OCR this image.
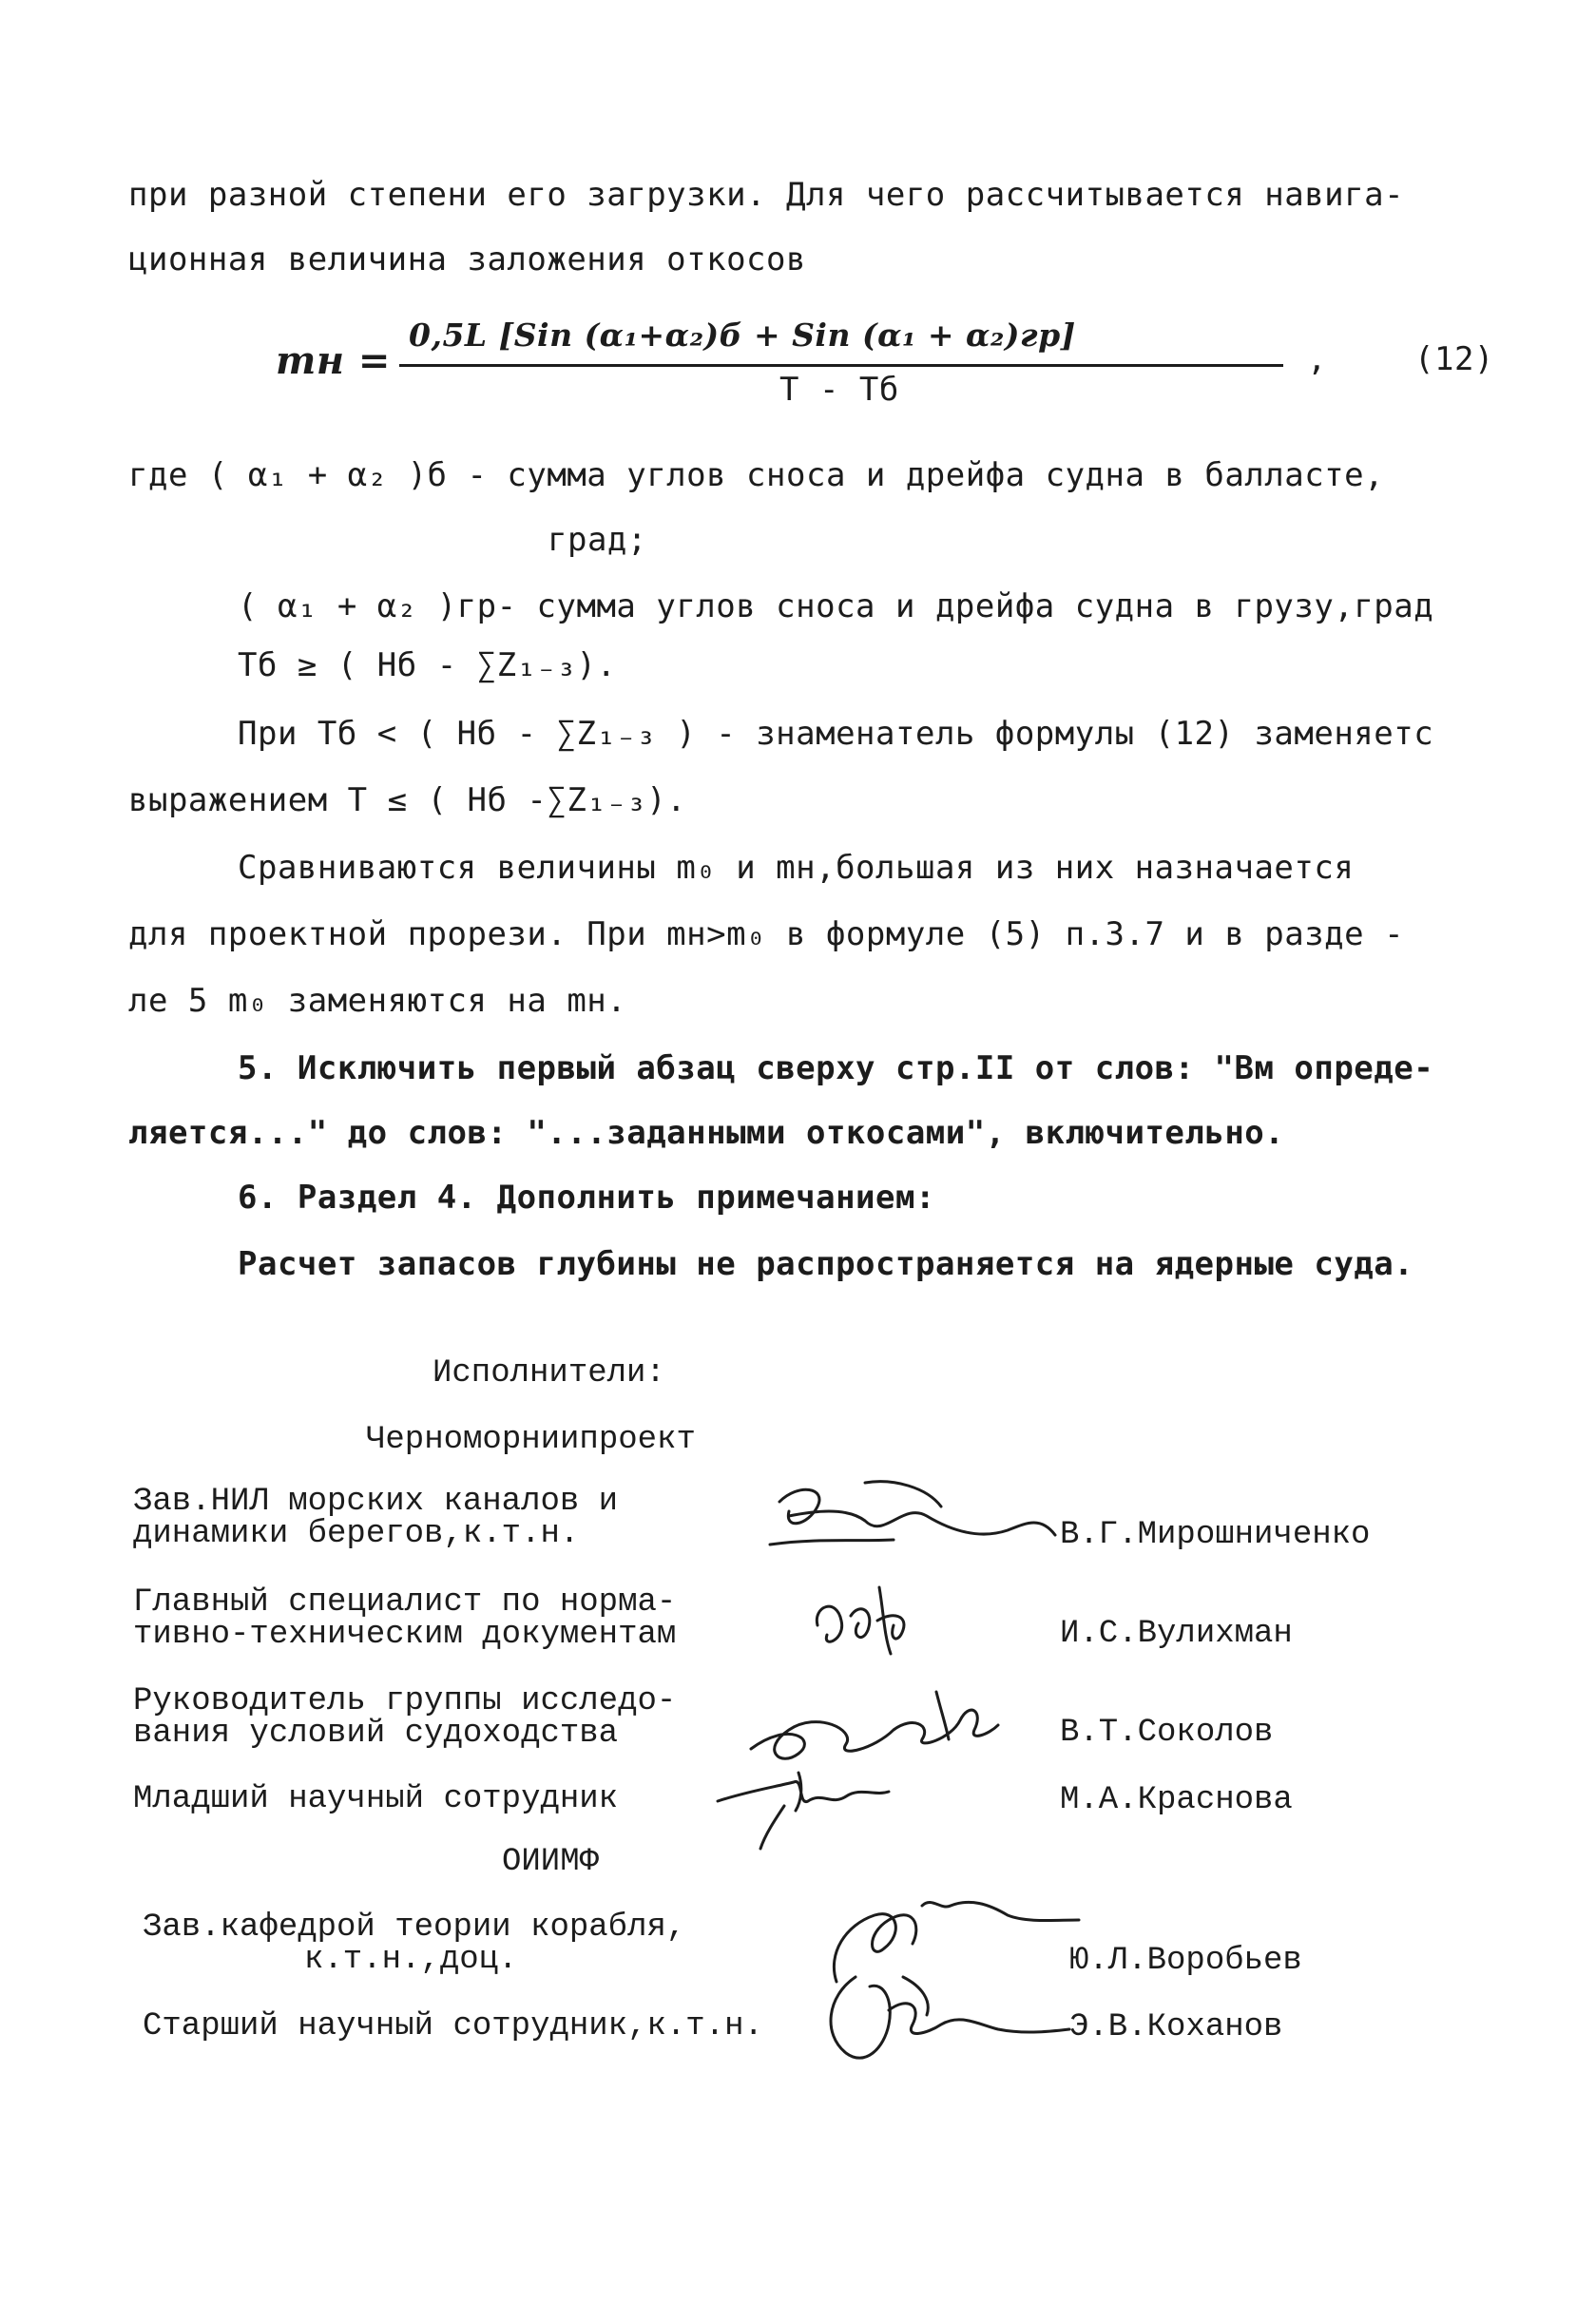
при разной степени его загрузки. Для чего рассчитывается навига-
ционная величина заложения откосов
mн =
0,5L [Sin (α₁+α₂)б + Sin (α₁ + α₂)гр]
T - Tб
,	(12)
где ( α₁ + α₂ )б - сумма углов сноса и дрейфа судна в балласте,
град;
( α₁ + α₂ )гр- сумма углов сноса и дрейфа судна в грузу,град
Tб ≥ ( Hб - ∑Z₁₋₃).
При Tб < ( Hб - ∑Z₁₋₃ ) - знаменатель формулы (12) заменяетс
выражением T ≤ ( Hб -∑Z₁₋₃).
Сравниваются величины m₀ и mн,большая из них назначается
для проектной прорези. При mн>m₀ в формуле (5) п.3.7 и в разде -
ле 5 m₀ заменяются на mн.
5. Исключить первый абзац сверху стр.II от слов: "Вм опреде-
ляется..." до слов: "...заданными откосами", включительно.
6. Раздел 4. Дополнить примечанием:
Расчет запасов глубины не распространяется на ядерные суда.
Исполнители:
Черноморниипроект
Зав.НИЛ морских каналов и
динамики берегов,к.т.н.	В.Г.Мирошниченко
Главный специалист по норма-
тивно-техническим документам	И.С.Вулихман
Руководитель группы исследо-
вания условий судоходства	В.Т.Соколов
Младший научный сотрудник	М.А.Краснова
ОИИМФ
Зав.кафедрой теории корабля,
к.т.н.,доц.	Ю.Л.Воробьев
Старший научный сотрудник,к.т.н.	Э.В.Коханов
